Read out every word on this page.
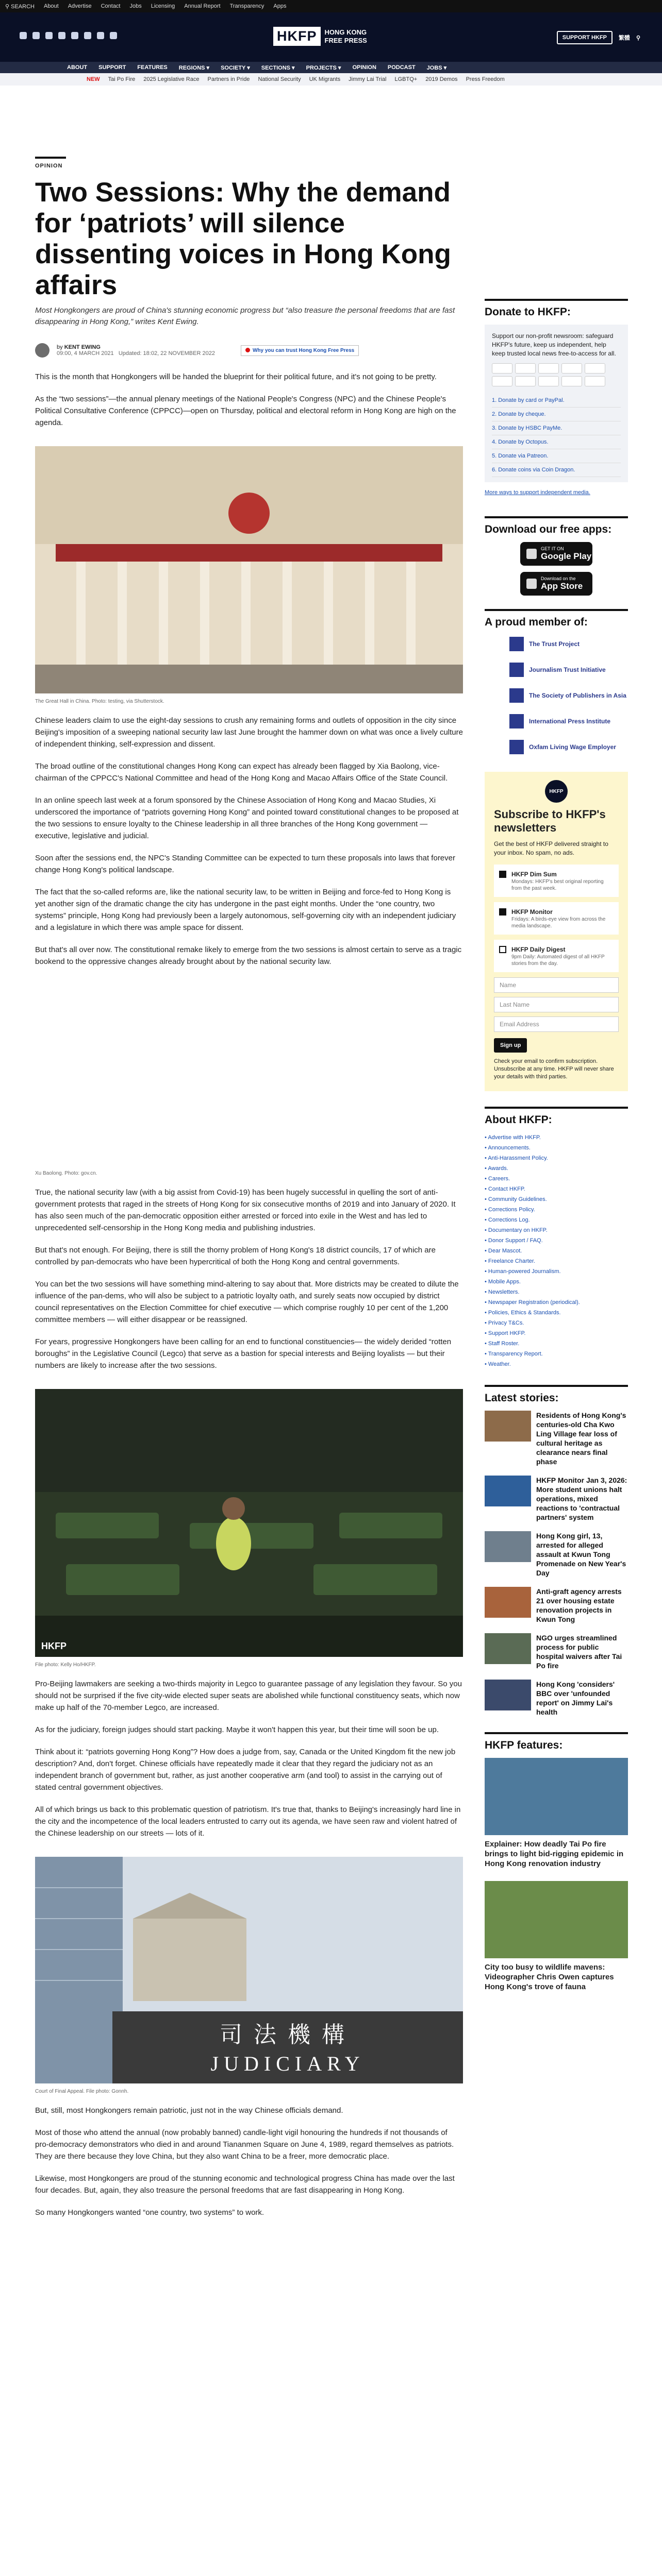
⚲ SEARCH About Advertise Contact Jobs Licensing Annual Report Transparency Apps
HKFP	HONG KONG FREE PRESS	SUPPORT HKFP	繁體 ⚲
ABOUT SUPPORT FEATURES REGIONS ▾ SOCIETY ▾ SECTIONS ▾ PROJECTS ▾ OPINION PODCAST JOBS ▾
NEW Tai Po Fire 2025 Legislative Race Partners in Pride National Security UK Migrants Jimmy Lai Trial LGBTQ+ 2019 Demos Press Freedom
OPINION
Two Sessions: Why the demand for ‘patriots’ will silence dissenting voices in Hong Kong affairs

Most Hongkongers are proud of China's stunning economic progress but “also treasure the personal freedoms that are fast disappearing in Hong Kong,” writes Kent Ewing.

by KENT EWING
09:00, 4 MARCH 2021 Updated: 18:02, 22 NOVEMBER 2022	Why you can trust Hong Kong Free Press

This is the month that Hongkongers will be handed the blueprint for their political future, and it's not going to be pretty.

As the “two sessions”—the annual plenary meetings of the National People's Congress (NPC) and the Chinese People's Political Consultative Conference (CPPCC)—open on Thursday, political and electoral reform in Hong Kong are high on the agenda.

The Great Hall in China. Photo: testing, via Shutterstock.

Chinese leaders claim to use the eight-day sessions to crush any remaining forms and outlets of opposition in the city since Beijing's imposition of a sweeping national security law last June brought the hammer down on what was once a lively culture of independent thinking, self-expression and dissent.

The broad outline of the constitutional changes Hong Kong can expect has already been flagged by Xia Baolong, vice-chairman of the CPPCC's National Committee and head of the Hong Kong and Macao Affairs Office of the State Council.

In an online speech last week at a forum sponsored by the Chinese Association of Hong Kong and Macao Studies, Xi underscored the importance of “patriots governing Hong Kong” and pointed toward constitutional changes to be proposed at the two sessions to ensure loyalty to the Chinese leadership in all three branches of the Hong Kong government — executive, legislative and judicial.

Soon after the sessions end, the NPC's Standing Committee can be expected to turn these proposals into laws that forever change Hong Kong's political landscape.

The fact that the so-called reforms are, like the national security law, to be written in Beijing and force-fed to Hong Kong is yet another sign of the dramatic change the city has undergone in the past eight months. Under the “one country, two systems” principle, Hong Kong had previously been a largely autonomous, self-governing city with an independent judiciary and a legislature in which there was ample space for dissent.

But that's all over now. The constitutional remake likely to emerge from the two sessions is almost certain to serve as a tragic bookend to the oppressive changes already brought about by the national security law.

Xu Baolong. Photo: gov.cn.

True, the national security law (with a big assist from Covid-19) has been hugely successful in quelling the sort of anti-government protests that raged in the streets of Hong Kong for six consecutive months of 2019 and into January of 2020. It has also seen much of the pan-democratic opposition either arrested or forced into exile in the West and has led to unprecedented self-censorship in the Hong Kong media and publishing industries.

But that's not enough. For Beijing, there is still the thorny problem of Hong Kong's 18 district councils, 17 of which are controlled by pan-democrats who have been hypercritical of both the Hong Kong and central governments.

You can bet the two sessions will have something mind-altering to say about that. More districts may be created to dilute the influence of the pan-dems, who will also be subject to a patriotic loyalty oath, and surely seats now occupied by district council representatives on the Election Committee for chief executive — which comprise roughly 10 per cent of the 1,200 committee members — will either disappear or be reassigned.

For years, progressive Hongkongers have been calling for an end to functional constituencies— the widely derided “rotten boroughs” in the Legislative Council (Legco) that serve as a bastion for special interests and Beijing loyalists — but their numbers are likely to increase after the two sessions.

HKFP
File photo: Kelly Ho/HKFP.

Pro-Beijing lawmakers are seeking a two-thirds majority in Legco to guarantee passage of any legislation they favour. So you should not be surprised if the five city-wide elected super seats are abolished while functional constituency seats, which now make up half of the 70-member Legco, are increased.

As for the judiciary, foreign judges should start packing. Maybe it won't happen this year, but their time will soon be up.

Think about it: “patriots governing Hong Kong”? How does a judge from, say, Canada or the United Kingdom fit the new job description? And, don't forget. Chinese officials have repeatedly made it clear that they regard the judiciary not as an independent branch of government but, rather, as just another cooperative arm (and tool) to assist in the carrying out of stated central government objectives.

All of which brings us back to this problematic question of patriotism. It's true that, thanks to Beijing's increasingly hard line in the city and the incompetence of the local leaders entrusted to carry out its agenda, we have seen raw and violent hatred of the Chinese leadership on our streets — lots of it.

司法機構
JUDICIARY
Court of Final Appeal. File photo: Gonnh.

But, still, most Hongkongers remain patriotic, just not in the way Chinese officials demand.

Most of those who attend the annual (now probably banned) candle-light vigil honouring the hundreds if not thousands of pro-democracy demonstrators who died in and around Tiananmen Square on June 4, 1989, regard themselves as patriots. They are there because they love China, but they also want China to be a freer, more democratic place.

Likewise, most Hongkongers are proud of the stunning economic and technological progress China has made over the last four decades. But, again, they also treasure the personal freedoms that are fast disappearing in Hong Kong.

So many Hongkongers wanted “one country, two systems” to work.

Donate to HKFP:

Support our non-profit newsroom: safeguard HKFP's future, keep us independent, help keep trusted local news free-to-access for all.

1. Donate by card or PayPal.
2. Donate by cheque.
3. Donate by HSBC PayMe.
4. Donate by Octopus.
5. Donate via Patreon.
6. Donate coins via Coin Dragon.
More ways to support independent media.
Download our free apps:
GET IT ON
Google Play
Download on the
App Store
A proud member of:
The Trust Project
Journalism Trust Initiative
The Society of Publishers in Asia
International Press Institute
Oxfam Living Wage Employer
HKFP
Subscribe to HKFP's newsletters
Get the best of HKFP delivered straight to your inbox. No spam, no ads.
HKFP Dim Sum
Mondays: HKFP's best original reporting from the past week.
HKFP Monitor
Fridays: A birds-eye view from across the media landscape.
HKFP Daily Digest
9pm Daily: Automated digest of all HKFP stories from the day.
Name
Last Name
Email Address
Sign up
Check your email to confirm subscription. Unsubscribe at any time. HKFP will never share your details with third parties.
About HKFP:
• Advertise with HKFP.
• Announcements.
• Anti-Harassment Policy.
• Awards.
• Careers.
• Contact HKFP.
• Community Guidelines.
• Corrections Policy.
• Corrections Log.
• Documentary on HKFP.
• Donor Support / FAQ.
• Dear Mascot.
• Freelance Charter.
• Human-powered Journalism.
• Mobile Apps.
• Newsletters.
• Newspaper Registration (periodical).
• Policies, Ethics & Standards.
• Privacy T&Cs.
• Support HKFP.
• Staff Roster.
• Transparency Report.
• Weather.
Latest stories:
Residents of Hong Kong's centuries-old Cha Kwo Ling Village fear loss of cultural heritage as clearance nears final phase
HKFP Monitor Jan 3, 2026: More student unions halt operations, mixed reactions to 'contractual partners' system
Hong Kong girl, 13, arrested for alleged assault at Kwun Tong Promenade on New Year's Day
Anti-graft agency arrests 21 over housing estate renovation projects in Kwun Tong
NGO urges streamlined process for public hospital waivers after Tai Po fire
Hong Kong 'considers' BBC over 'unfounded report' on Jimmy Lai's health
HKFP features:
Explainer: How deadly Tai Po fire brings to light bid-rigging epidemic in Hong Kong renovation industry
City too busy to wildlife mavens: Videographer Chris Owen captures Hong Kong's trove of fauna
